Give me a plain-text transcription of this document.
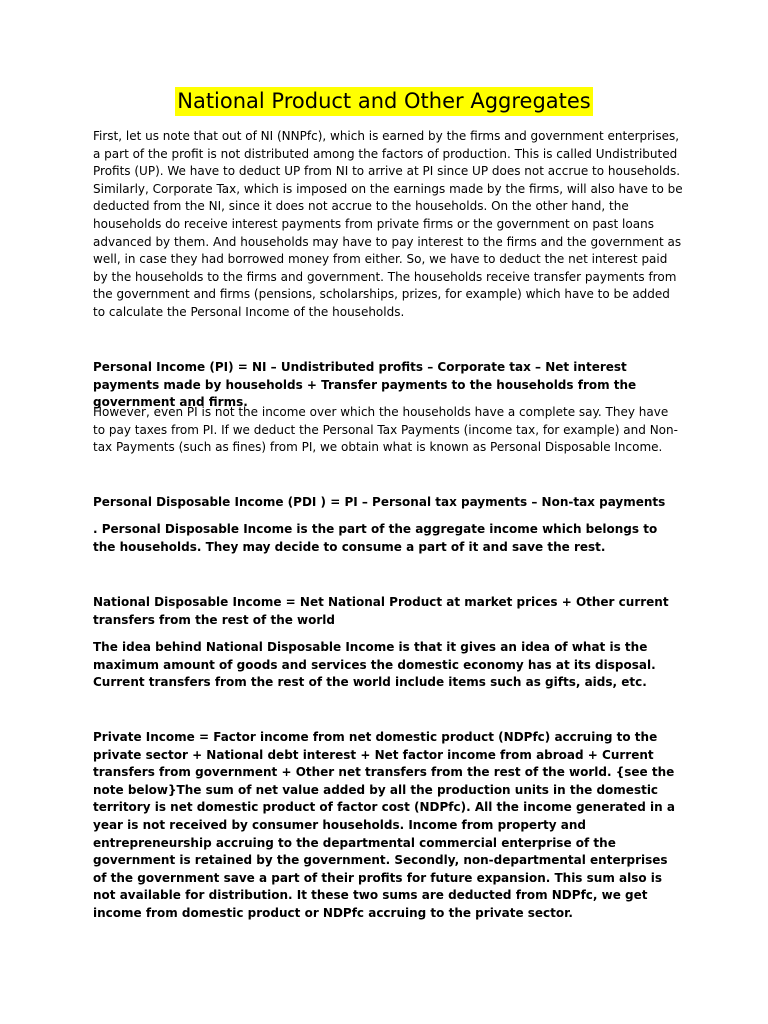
National Product and Other Aggregates

First, let us note that out of NI (NNPfc), which is earned by the firms and government enterprises, a part of the profit is not distributed among the factors of production. This is called Undistributed Profits (UP). We have to deduct UP from NI to arrive at PI since UP does not accrue to households. Similarly, Corporate Tax, which is imposed on the earnings made by the firms, will also have to be deducted from the NI, since it does not accrue to the households. On the other hand, the households do receive interest payments from private firms or the government on past loans advanced by them. And households may have to pay interest to the firms and the government as well, in case they had borrowed money from either. So, we have to deduct the net interest paid by the households to the firms and government. The households receive transfer payments from the government and firms (pensions, scholarships, prizes, for example) which have to be added to calculate the Personal Income of the households.

Personal Income (PI) = NI – Undistributed profits – Corporate tax – Net interest payments made by households + Transfer payments to the households from the government and firms.

However, even PI is not the income over which the households have a complete say. They have to pay taxes from PI. If we deduct the Personal Tax Payments (income tax, for example) and Non-tax Payments (such as fines) from PI, we obtain what is known as Personal Disposable Income.

Personal Disposable Income (PDI ) = PI – Personal tax payments – Non-tax payments

. Personal Disposable Income is the part of the aggregate income which belongs to the households. They may decide to consume a part of it and save the rest.

National Disposable Income = Net National Product at market prices + Other current transfers from the rest of the world

The idea behind National Disposable Income is that it gives an idea of what is the maximum amount of goods and services the domestic economy has at its disposal. Current transfers from the rest of the world include items such as gifts, aids, etc.

Private Income = Factor income from net domestic product (NDPfc) accruing to the private sector + National debt interest + Net factor income from abroad + Current transfers from government + Other net transfers from the rest of the world. {see the note below}The sum of net value added by all the production units in the domestic territory is net domestic product of factor cost (NDPfc). All the income generated in a year is not received by consumer households. Income from property and entrepreneurship accruing to the departmental commercial enterprise of the government is retained by the government. Secondly, non-departmental enterprises of the government save a part of their profits for future expansion. This sum also is not available for distribution. It these two sums are deducted from NDPfc, we get income from domestic product or NDPfc accruing to the private sector.
